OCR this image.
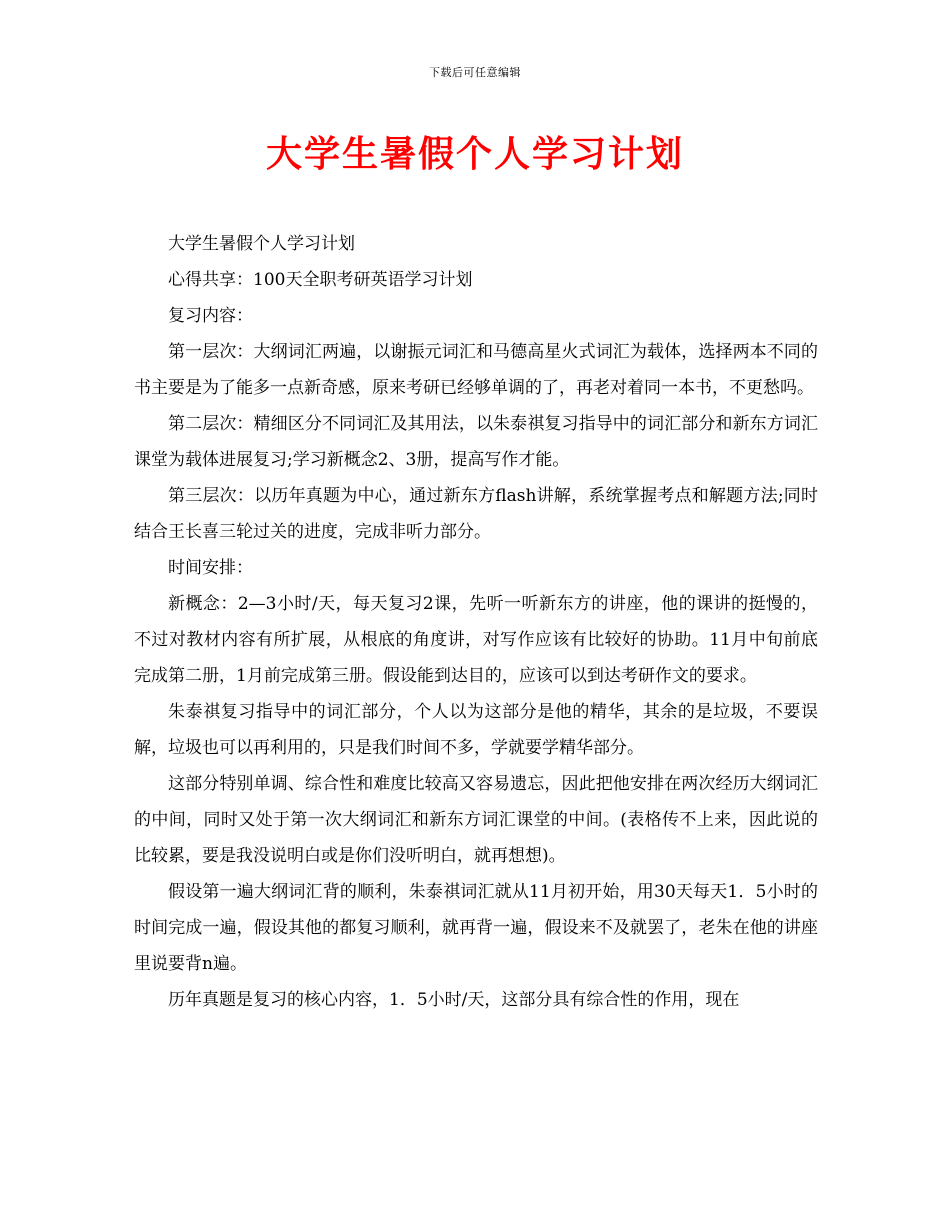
下载后可任意编辑
大学生暑假个人学习计划

大学生暑假个人学习计划

心得共享：100天全职考研英语学习计划

复习内容：

第一层次：大纲词汇两遍，以谢振元词汇和马德高星火式词汇为载体，选择两本不同的书主要是为了能多一点新奇感，原来考研已经够单调的了，再老对着同一本书，不更愁吗。

第二层次：精细区分不同词汇及其用法，以朱泰祺复习指导中的词汇部分和新东方词汇课堂为载体进展复习;学习新概念2、3册，提高写作才能。

第三层次：以历年真题为中心，通过新东方flash讲解，系统掌握考点和解题方法;同时结合王长喜三轮过关的进度，完成非听力部分。

时间安排：

新概念：2—3小时/天，每天复习2课，先听一听新东方的讲座，他的课讲的挺慢的，不过对教材内容有所扩展，从根底的角度讲，对写作应该有比较好的协助。11月中旬前底完成第二册，1月前完成第三册。假设能到达目的，应该可以到达考研作文的要求。

朱泰祺复习指导中的词汇部分，个人以为这部分是他的精华，其余的是垃圾，不要误解，垃圾也可以再利用的，只是我们时间不多，学就要学精华部分。

这部分特别单调、综合性和难度比较高又容易遗忘，因此把他安排在两次经历大纲词汇的中间，同时又处于第一次大纲词汇和新东方词汇课堂的中间。(表格传不上来，因此说的比较累，要是我没说明白或是你们没听明白，就再想想)。

假设第一遍大纲词汇背的顺利，朱泰祺词汇就从11月初开始，用30天每天1．5小时的时间完成一遍，假设其他的都复习顺利，就再背一遍，假设来不及就罢了，老朱在他的讲座里说要背n遍。

历年真题是复习的核心内容，1．5小时/天，这部分具有综合性的作用，现在
